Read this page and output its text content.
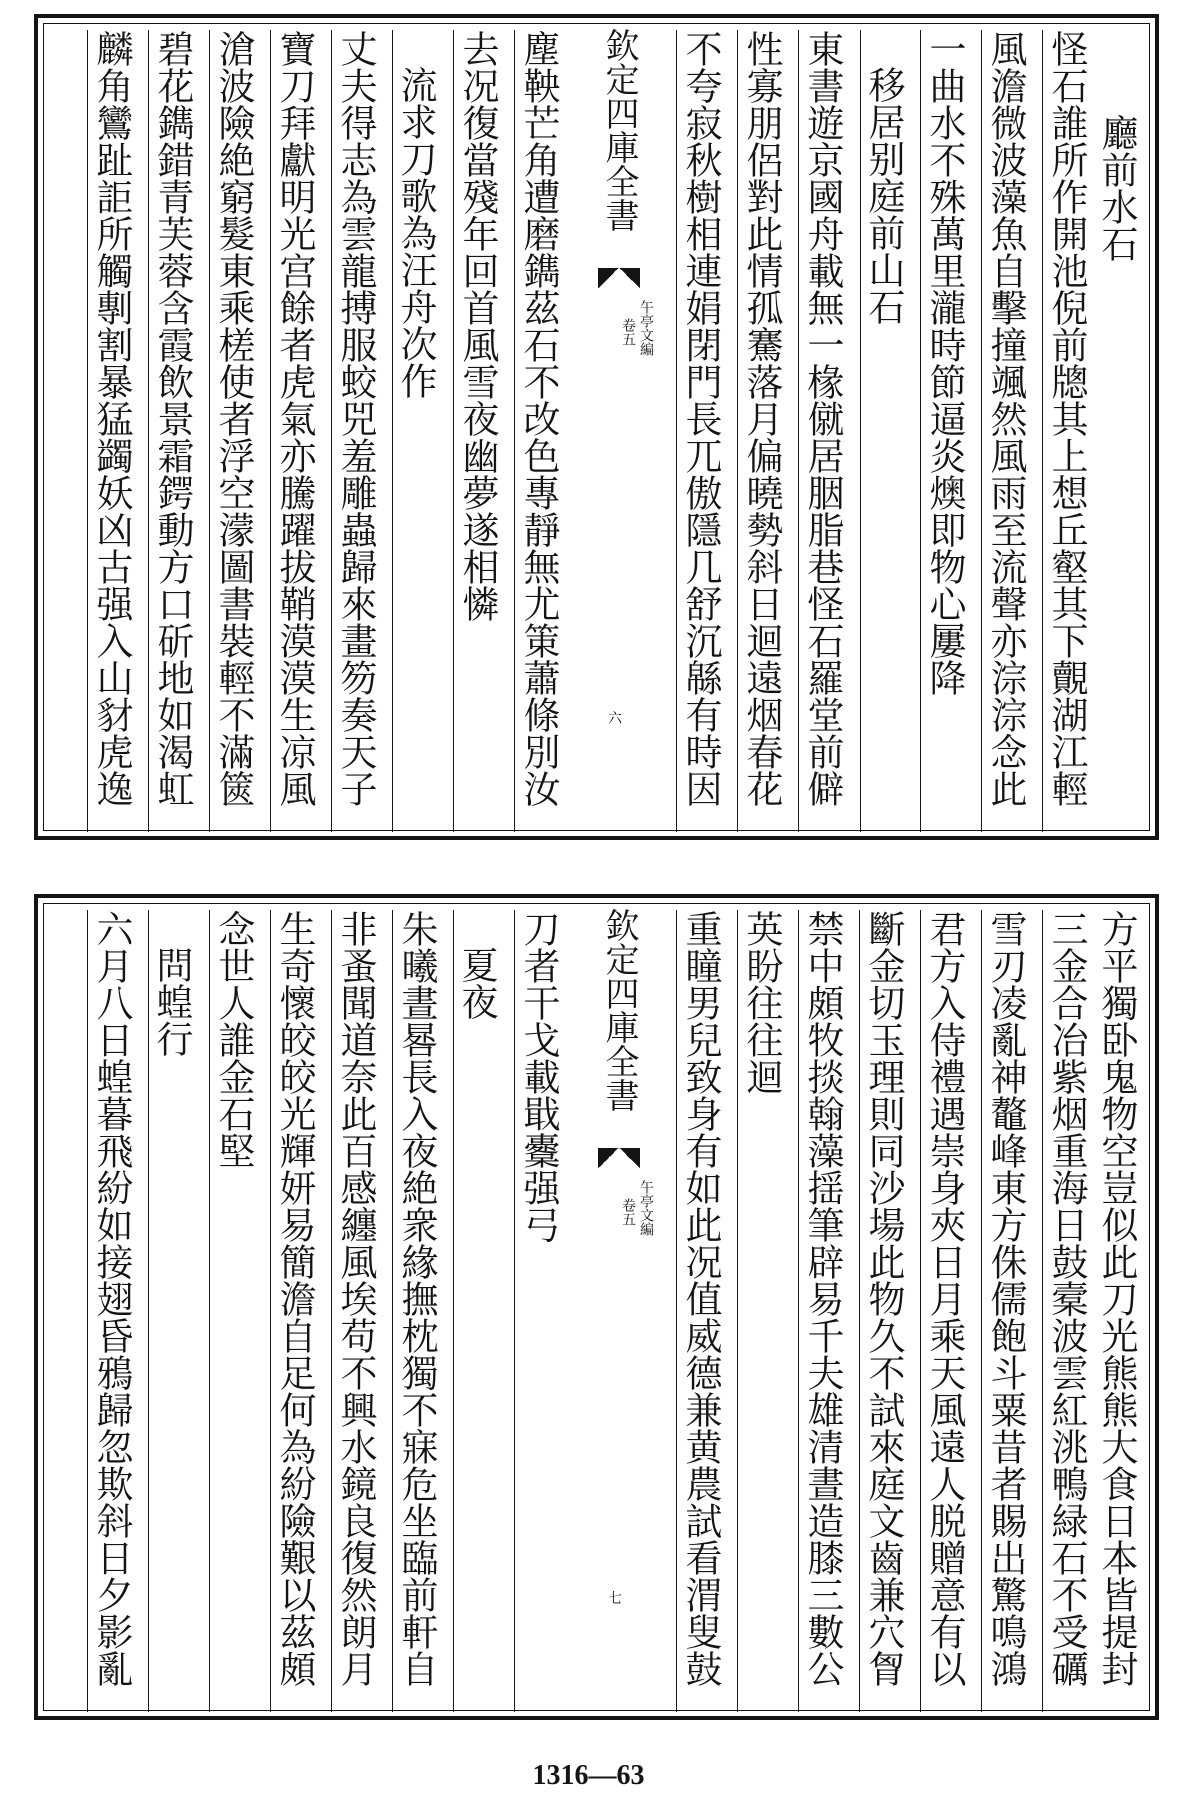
廳前水石
怪石誰所作開池倪前牕其上想丘壑其下覿湖江輕
風澹微波藻魚自擊撞颯然風雨至流聲亦淙淙念此
一曲水不殊萬里瀧時節逼炎燠即物心屢降
移居别庭前山石
東書遊京國舟載無一椽僦居胭脂巷怪石羅堂前僻
性寡朋侶對此情孤騫落月偏曉勢斜日迴遠烟春花
不夸寂秋樹相連娟閉門長兀傲隱几舒沉緜有時因
欽定四庫全書
午亭文編
卷五
六
塵鞅芒角遭磨鐫茲石不改色專靜無尤䇿蕭條別汝
去况復當殘年回首風雪夜幽夢遂相憐
流求刀歌為汪舟次作
丈夫得志為雲龍搏服蛟兕羞雕蟲歸來畫笏奏天子
寶刀拜獻明光宫餘者虎氣亦騰躍拔鞘漠漠生凉風
滄波險絶窮髮東乘槎使者浮空濛圖書裝輕不滿篋
碧花鐫錯青芙蓉含霞飲景霜鍔動方口斫地如渴虹
麟角鸞趾詎所觸剸割暴猛蠲妖凶古强入山豺虎逸
方平獨卧鬼物空豈似此刀光熊熊大食日本皆提封
三金合冶紫烟重海日鼓槖波雲紅洮鴨緑石不受礪
雪刃凌亂神鼇峰東方侏儒飽斗粟昔者賜出驚鳴鴻
君方入侍禮遇崇身夾日月乘天風遠人脱贈意有以
斷金切玉理則同沙場此物久不試來庭文齒兼穴胷
禁中頗牧掞翰藻揺筆辟易千夫雄清晝造膝三數公
英盼往往迴
重瞳男兒致身有如此况值威德兼黄農試看渭叟鼓
欽定四庫全書
午亭文編
卷五
七
刀者干戈載戢櫜强弓
夏夜
朱曦晝晷長入夜絶衆緣撫枕獨不寐危坐臨前軒自
非蚤聞道奈此百感纏風埃苟不興水鏡良復然朗月
生奇懷皎皎光輝妍易簡澹自足何為紛險艱以茲頗
念世人誰金石堅
問蝗行
六月八日蝗暮飛紛如接翅昏鴉歸忽欺斜日夕影亂
1316—63
